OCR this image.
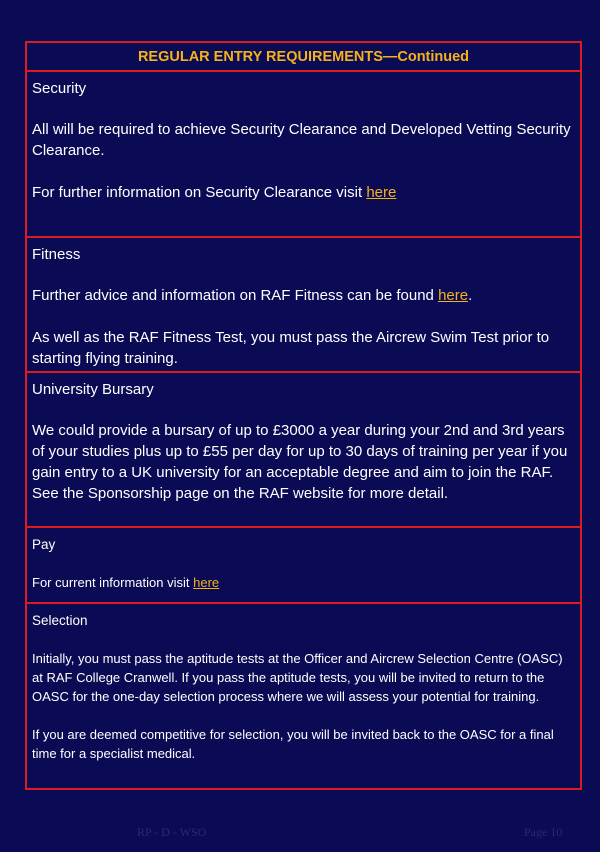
REGULAR ENTRY REQUIREMENTS—Continued

Security

All will be required to achieve Security Clearance and Developed Vetting Security Clearance.

For further information on Security Clearance visit here

Fitness

Further advice and information on RAF Fitness can be found here.

As well as the RAF Fitness Test, you must pass the Aircrew Swim Test prior to starting flying training.

University Bursary

We could provide a bursary of up to £3000 a year during your 2nd and 3rd years of your studies plus up to £55 per day for up to 30 days of training per year if you gain entry to a UK university for an acceptable degree and aim to join the RAF. See the Sponsorship page on the RAF website for more detail.

Pay

For current information visit here

Selection

Initially, you must pass the aptitude tests at the Officer and Aircrew Selection Centre (OASC) at RAF College Cranwell. If you pass the aptitude tests, you will be invited to return to the OASC for the one-day selection process where we will assess your potential for training.

If you are deemed competitive for selection, you will be invited back to the OASC for a final time for a specialist medical.

RP - D - WSO	Page 10
